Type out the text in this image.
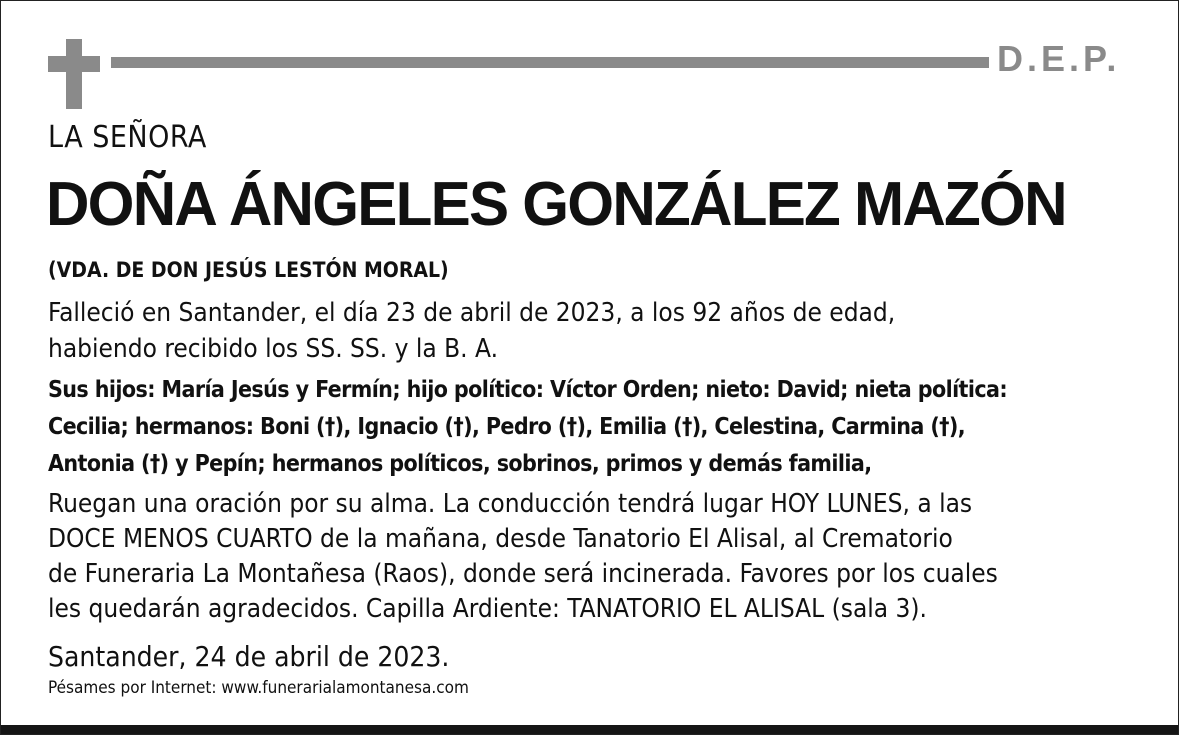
D.E.P.
LA SEÑORA
DOÑA ÁNGELES GONZÁLEZ MAZÓN
(VDA. DE DON JESÚS LESTÓN MORAL)
Falleció en Santander, el día 23 de abril de 2023, a los 92 años de edad,
habiendo recibido los SS. SS. y la B. A.
Sus hijos: María Jesús y Fermín; hijo político: Víctor Orden; nieto: David; nieta política:
Cecilia; hermanos: Boni (†), Ignacio (†), Pedro (†), Emilia (†), Celestina, Carmina (†),
Antonia (†) y Pepín; hermanos políticos, sobrinos, primos y demás familia,
Ruegan una oración por su alma. La conducción tendrá lugar HOY LUNES, a las
DOCE MENOS CUARTO de la mañana, desde Tanatorio El Alisal, al Crematorio
de Funeraria La Montañesa (Raos), donde será incinerada. Favores por los cuales
les quedarán agradecidos. Capilla Ardiente: TANATORIO EL ALISAL (sala 3).
Santander, 24 de abril de 2023.
Pésames por Internet: www.funerarialamontanesa.com
